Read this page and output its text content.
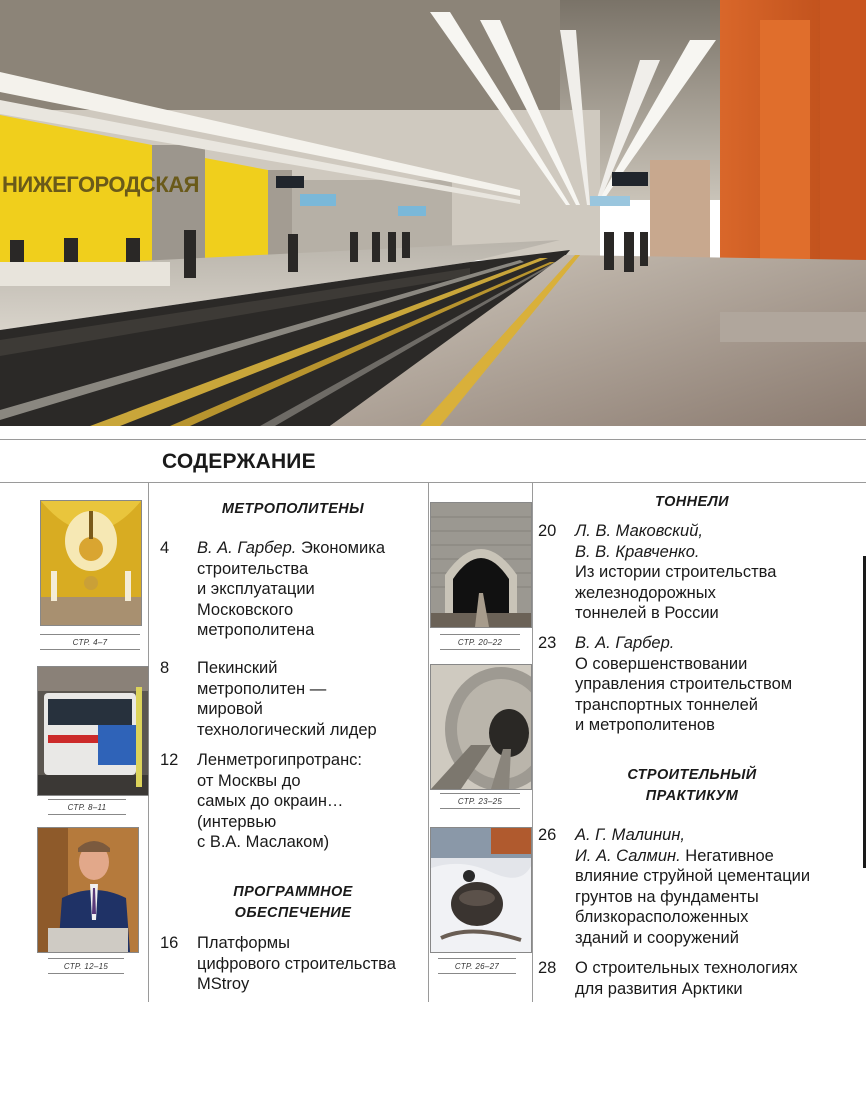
НИЖЕГОРОДСКАЯ
СОДЕРЖАНИЕ
СТР. 4–7
СТР. 8–11
СТР. 12–15
МЕТРОПОЛИТЕНЫ
4 В. А. Гарбер. Экономика
строительства
и эксплуатации
Московского
метрополитена
8 Пекинский
метрополитен —
мировой
технологический лидер
12 Ленметрогипротранс:
от Москвы до
самых до окраин…
(интервью
с В.А. Маслаком)
ПРОГРАММНОЕ
ОБЕСПЕЧЕНИЕ
16 Платформы
цифрового строительства
MStroy
СТР. 20–22
СТР. 23–25
СТР. 26–27
ТОННЕЛИ
20 Л. В. Маковский,
В. В. Кравченко.
Из истории строительства
железнодорожных
тоннелей в России
23 В. А. Гарбер.
О совершенствовании
управления строительством
транспортных тоннелей
и метрополитенов
СТРОИТЕЛЬНЫЙ
ПРАКТИКУМ
26 А. Г. Малинин,
И. А. Салмин. Негативное
влияние струйной цементации
грунтов на фундаменты
близкорасположенных
зданий и сооружений
28 О строительных технологиях
для развития Арктики
